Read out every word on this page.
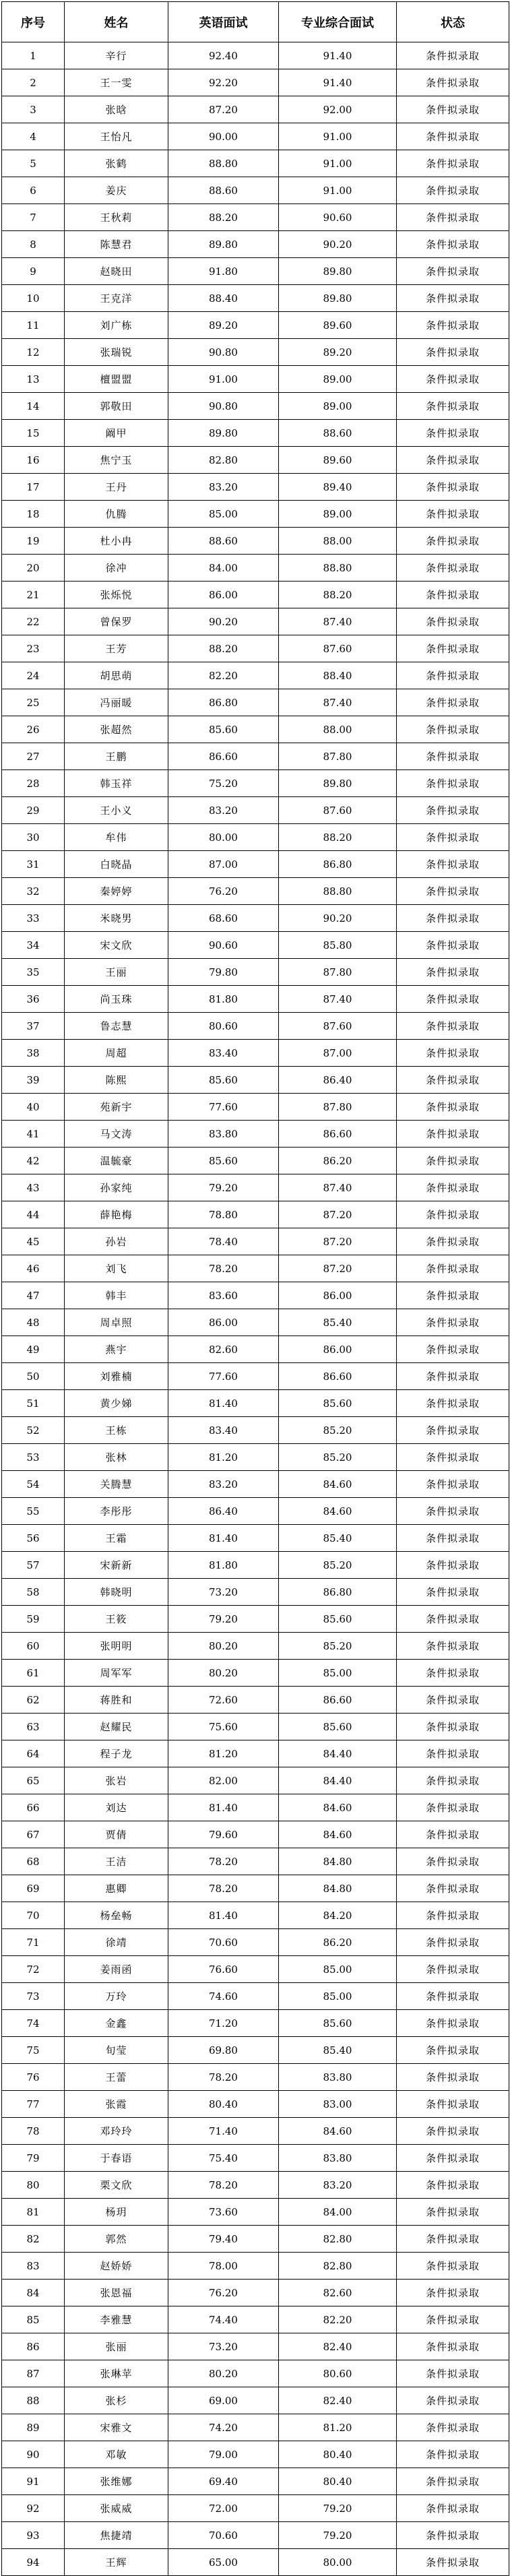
序号	姓名	英语面试	专业综合面试	状态
1	辛行	92.40	91.40	条件拟录取
2	王一雯	92.20	91.40	条件拟录取
3	张晗	87.20	92.00	条件拟录取
4	王怡凡	90.00	91.00	条件拟录取
5	张鹤	88.80	91.00	条件拟录取
6	姜庆	88.60	91.00	条件拟录取
7	王秋莉	88.20	90.60	条件拟录取
8	陈慧君	89.80	90.20	条件拟录取
9	赵晓田	91.80	89.80	条件拟录取
10	王克洋	88.40	89.80	条件拟录取
11	刘广栋	89.20	89.60	条件拟录取
12	张瑞锐	90.80	89.20	条件拟录取
13	檀盟盟	91.00	89.00	条件拟录取
14	郭敬田	90.80	89.00	条件拟录取
15	阚甲	89.80	88.60	条件拟录取
16	焦宁玉	82.80	89.60	条件拟录取
17	王丹	83.20	89.40	条件拟录取
18	仇腾	85.00	89.00	条件拟录取
19	杜小冉	88.60	88.00	条件拟录取
20	徐冲	84.00	88.80	条件拟录取
21	张烁悦	86.00	88.20	条件拟录取
22	曾保罗	90.20	87.40	条件拟录取
23	王芳	88.20	87.60	条件拟录取
24	胡思萌	82.20	88.40	条件拟录取
25	冯丽暖	86.80	87.40	条件拟录取
26	张超然	85.60	88.00	条件拟录取
27	王鹏	86.60	87.80	条件拟录取
28	韩玉祥	75.20	89.80	条件拟录取
29	王小义	83.20	87.60	条件拟录取
30	牟伟	80.00	88.20	条件拟录取
31	白晓晶	87.00	86.80	条件拟录取
32	秦婷婷	76.20	88.80	条件拟录取
33	米晓男	68.60	90.20	条件拟录取
34	宋文欣	90.60	85.80	条件拟录取
35	王丽	79.80	87.80	条件拟录取
36	尚玉珠	81.80	87.40	条件拟录取
37	鲁志慧	80.60	87.60	条件拟录取
38	周超	83.40	87.00	条件拟录取
39	陈熙	85.60	86.40	条件拟录取
40	苑新宇	77.60	87.80	条件拟录取
41	马文涛	83.80	86.60	条件拟录取
42	温毓豪	85.60	86.20	条件拟录取
43	孙家纯	79.20	87.40	条件拟录取
44	薛艳梅	78.80	87.20	条件拟录取
45	孙岩	78.40	87.20	条件拟录取
46	刘飞	78.20	87.20	条件拟录取
47	韩丰	83.60	86.00	条件拟录取
48	周卓照	86.00	85.40	条件拟录取
49	燕宇	82.60	86.00	条件拟录取
50	刘雅楠	77.60	86.60	条件拟录取
51	黄少娣	81.40	85.60	条件拟录取
52	王栋	83.40	85.20	条件拟录取
53	张林	81.20	85.20	条件拟录取
54	关腾慧	83.20	84.60	条件拟录取
55	李彤彤	86.40	84.60	条件拟录取
56	王霜	81.40	85.40	条件拟录取
57	宋新新	81.80	85.20	条件拟录取
58	韩晓明	73.20	86.80	条件拟录取
59	王筱	79.20	85.60	条件拟录取
60	张明明	80.20	85.20	条件拟录取
61	周军军	80.20	85.00	条件拟录取
62	蒋胜和	72.60	86.60	条件拟录取
63	赵耀民	75.60	85.60	条件拟录取
64	程子龙	81.20	84.40	条件拟录取
65	张岩	82.00	84.40	条件拟录取
66	刘达	81.40	84.60	条件拟录取
67	贾倩	79.60	84.60	条件拟录取
68	王洁	78.20	84.80	条件拟录取
69	惠卿	78.20	84.80	条件拟录取
70	杨垒畅	81.40	84.20	条件拟录取
71	徐靖	70.60	86.20	条件拟录取
72	姜雨函	76.60	85.00	条件拟录取
73	万玲	74.60	85.00	条件拟录取
74	金鑫	71.20	85.60	条件拟录取
75	旬莹	69.80	85.40	条件拟录取
76	王蕾	78.20	83.80	条件拟录取
77	张霞	80.40	83.00	条件拟录取
78	邓玲玲	71.40	84.60	条件拟录取
79	于春语	75.40	83.80	条件拟录取
80	栗文欣	78.20	83.20	条件拟录取
81	杨玥	73.60	84.00	条件拟录取
82	郭然	79.40	82.80	条件拟录取
83	赵娇娇	78.00	82.80	条件拟录取
84	张恩福	76.20	82.60	条件拟录取
85	李雅慧	74.40	82.20	条件拟录取
86	张丽	73.20	82.40	条件拟录取
87	张琳苹	80.20	80.60	条件拟录取
88	张杉	69.00	82.40	条件拟录取
89	宋雅文	74.20	81.20	条件拟录取
90	邓敏	79.00	80.40	条件拟录取
91	张维娜	69.40	80.40	条件拟录取
92	张威威	72.00	79.20	条件拟录取
93	焦捷靖	70.60	79.20	条件拟录取
94	王辉	65.00	80.00	条件拟录取
